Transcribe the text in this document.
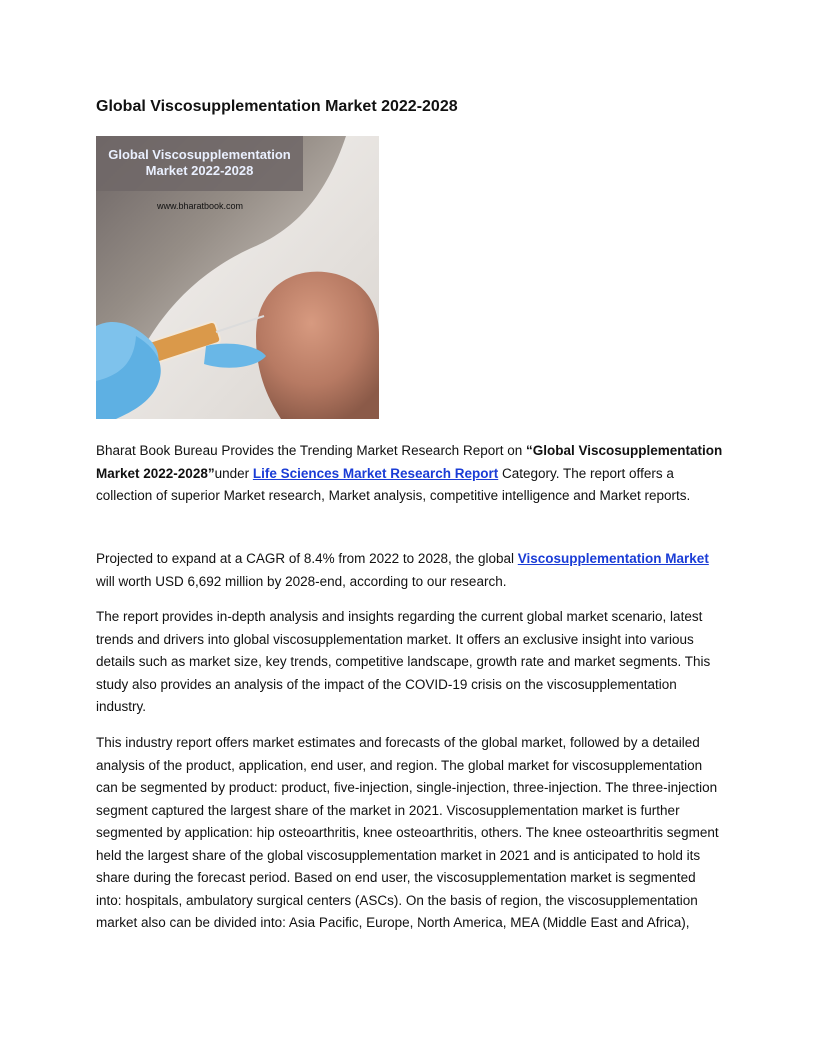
Global Viscosupplementation Market 2022-2028
Global Viscosupplementation
Market 2022-2028
www.bharatbook.com

Bharat Book Bureau Provides the Trending Market Research Report on “Global Viscosupplementation Market 2022-2028”under Life Sciences Market Research Report Category. The report offers a collection of superior Market research, Market analysis, competitive intelligence and Market reports.

Projected to expand at a CAGR of 8.4% from 2022 to 2028, the global Viscosupplementation Market will worth USD 6,692 million by 2028-end, according to our research.

The report provides in-depth analysis and insights regarding the current global market scenario, latest trends and drivers into global viscosupplementation market. It offers an exclusive insight into various details such as market size, key trends, competitive landscape, growth rate and market segments. This study also provides an analysis of the impact of the COVID-19 crisis on the viscosupplementation industry.

This industry report offers market estimates and forecasts of the global market, followed by a detailed analysis of the product, application, end user, and region. The global market for viscosupplementation can be segmented by product: product, five-injection, single-injection, three-injection. The three-injection segment captured the largest share of the market in 2021. Viscosupplementation market is further segmented by application: hip osteoarthritis, knee osteoarthritis, others. The knee osteoarthritis segment held the largest share of the global viscosupplementation market in 2021 and is anticipated to hold its share during the forecast period. Based on end user, the viscosupplementation market is segmented into: hospitals, ambulatory surgical centers (ASCs). On the basis of region, the viscosupplementation market also can be divided into: Asia Pacific, Europe, North America, MEA (Middle East and Africa),
